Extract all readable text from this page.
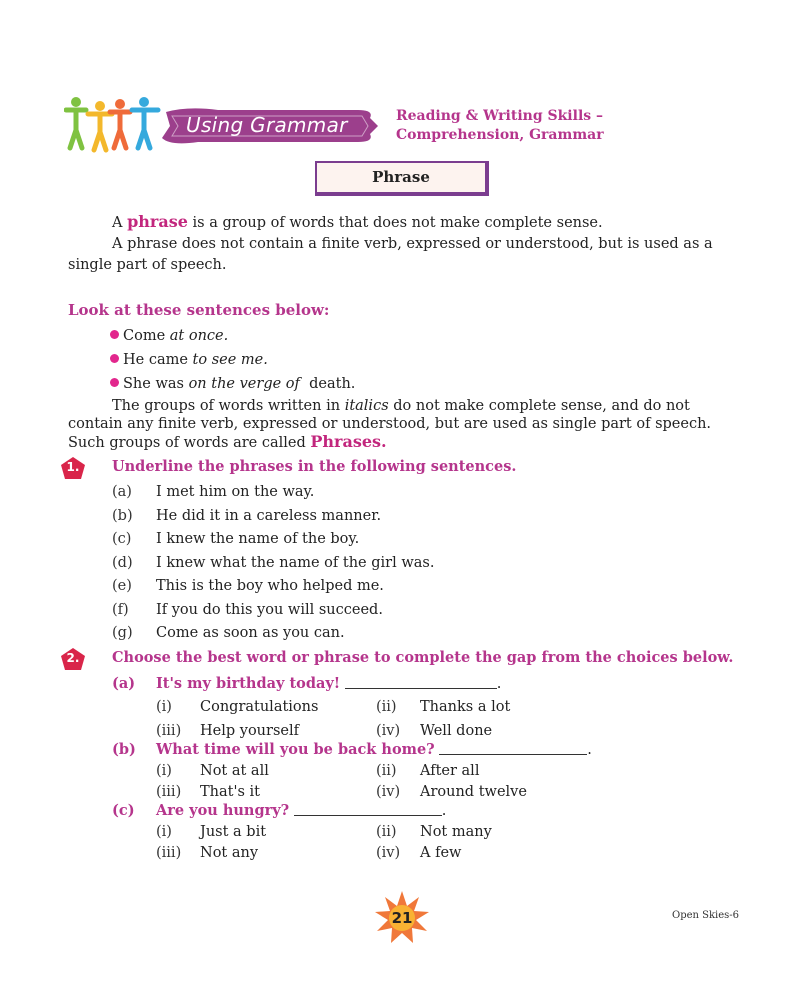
Using Grammar	Reading & Writing Skills –
Comprehension, Grammar
Phrase
A phrase is a group of words that does not make complete sense.
A phrase does not contain a finite verb, expressed or understood, but is used as a single part of speech.
Look at these sentences below:
Come at once.
He came to see me.
She was on the verge of  death.
The groups of words written in italics do not make complete sense, and do not contain any finite verb, expressed or understood, but are used as single part of speech. Such groups of words are called Phrases.
1.	Underline the phrases in the following sentences.
(a) I met him on the way.
(b) He did it in a careless manner.
(c) I knew the name of the boy.
(d) I knew what the name of the girl was.
(e) This is the boy who helped me.
(f) If you do this you will succeed.
(g) Come as soon as you can.
2.	Choose the best word or phrase to complete the gap from the choices below.
(a) It's my birthday today!	.
(i) Congratulations	(ii) Thanks a lot
(iii) Help yourself	(iv) Well done
(b) What time will you be back home?	.
(i) Not at all	(ii) After all
(iii) That's it	(iv) Around twelve
(c) Are you hungry?	.
(i) Just a bit	(ii) Not many
(iii) Not any	(iv) A few
21	Open Skies-6
